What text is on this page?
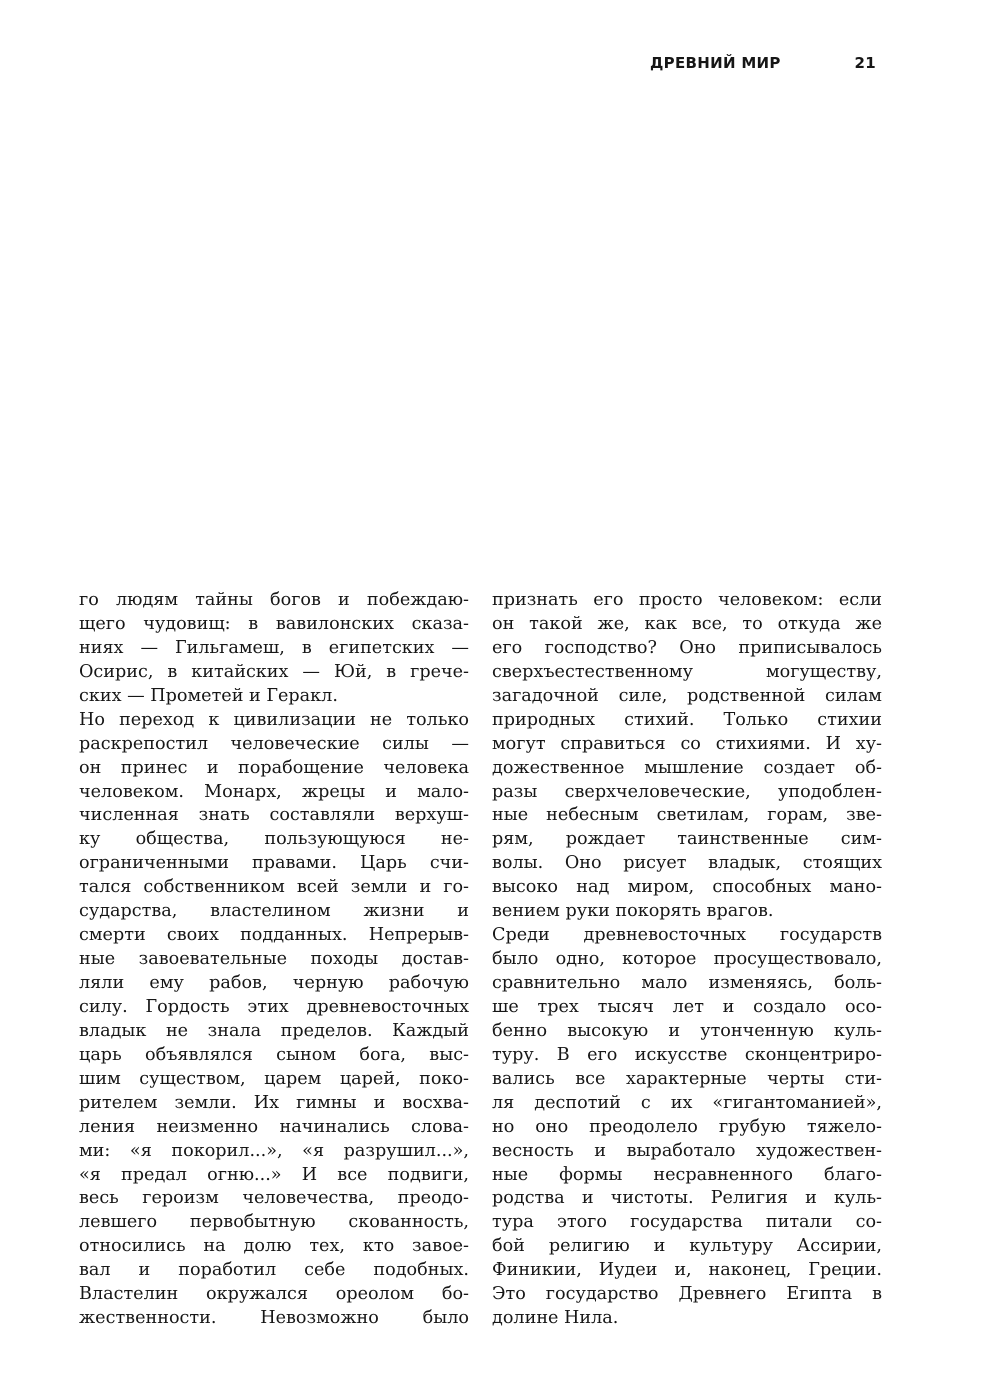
ДРЕВНИЙ МИР	21
го людям тайны богов и побеждаю-
щего чудовищ: в вавилонских сказа-
ниях — Гильгамеш, в египетских —
Осирис, в китайских — Юй, в грече-
ских — Прометей и Геракл.
Но переход к цивилизации не только
раскрепостил человеческие силы —
он принес и порабощение человека
человеком. Монарх, жрецы и мало-
численная знать составляли верхуш-
ку общества, пользующуюся не-
ограниченными правами. Царь счи-
тался собственником всей земли и го-
сударства, властелином жизни и
смерти своих подданных. Непрерыв-
ные завоевательные походы достав-
ляли ему рабов, черную рабочую
силу. Гордость этих древневосточных
владык не знала пределов. Каждый
царь объявлялся сыном бога, выс-
шим существом, царем царей, поко-
рителем земли. Их гимны и восхва-
ления неизменно начинались слова-
ми: «я покорил...», «я разрушил...»,
«я предал огню...» И все подвиги,
весь героизм человечества, преодо-
левшего первобытную скованность,
относились на долю тех, кто завое-
вал и поработил себе подобных.
Властелин окружался ореолом бо-
жественности. Невозможно было
признать его просто человеком: если
он такой же, как все, то откуда же
его господство? Оно приписывалось
сверхъестественному могуществу,
загадочной силе, родственной силам
природных стихий. Только стихии
могут справиться со стихиями. И ху-
дожественное мышление создает об-
разы сверхчеловеческие, уподоблен-
ные небесным светилам, горам, зве-
рям, рождает таинственные сим-
волы. Оно рисует владык, стоящих
высоко над миром, способных мано-
вением руки покорять врагов.
Среди древневосточных государств
было одно, которое просуществовало,
сравнительно мало изменяясь, боль-
ше трех тысяч лет и создало осо-
бенно высокую и утонченную куль-
туру. В его искусстве сконцентриро-
вались все характерные черты сти-
ля деспотий с их «гигантоманией»,
но оно преодолело грубую тяжело-
весность и выработало художествен-
ные формы несравненного благо-
родства и чистоты. Религия и куль-
тура этого государства питали со-
бой религию и культуру Ассирии,
Финикии, Иудеи и, наконец, Греции.
Это государство Древнего Египта в
долине Нила.
